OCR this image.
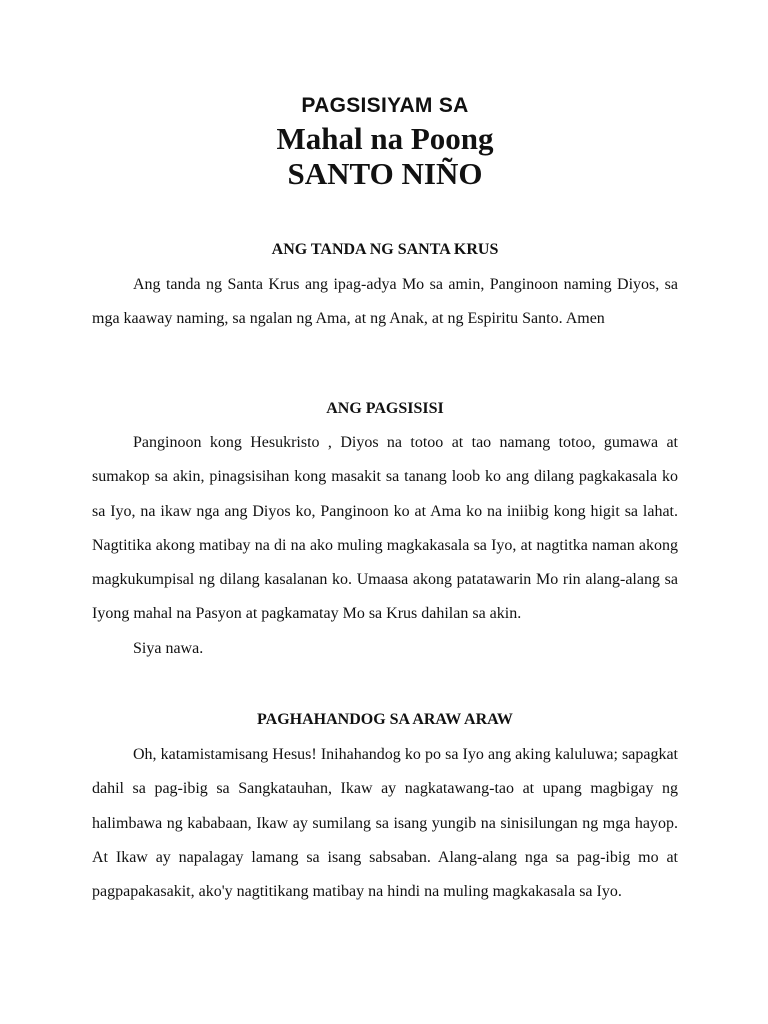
PAGSISIYAM SA
Mahal na Poong
SANTO NIÑO
ANG TANDA NG SANTA KRUS

Ang tanda ng Santa Krus ang ipag-adya Mo sa amin, Panginoon naming Diyos, sa mga kaaway naming, sa ngalan ng Ama, at ng Anak, at ng Espiritu Santo. Amen

ANG PAGSISISI

Panginoon kong Hesukristo , Diyos na totoo at tao namang totoo, gumawa at sumakop sa akin, pinagsisihan kong masakit sa tanang loob ko ang dilang pagkakasala ko sa Iyo, na ikaw nga ang Diyos ko, Panginoon ko at Ama ko na iniibig kong higit sa lahat. Nagtitika akong matibay na di na ako muling magkakasala sa Iyo, at nagtitka naman akong magkukumpisal ng dilang kasalanan ko. Umaasa akong patatawarin Mo rin alang-alang sa Iyong mahal na Pasyon at pagkamatay Mo sa Krus dahilan sa akin.

Siya nawa.

PAGHAHANDOG SA ARAW ARAW

Oh, katamistamisang Hesus! Inihahandog ko po sa Iyo ang aking kaluluwa; sapagkat dahil sa pag-ibig sa Sangkatauhan, Ikaw ay nagkatawang-tao at upang magbigay ng halimbawa ng kababaan, Ikaw ay sumilang sa isang yungib na sinisilungan ng mga hayop. At Ikaw ay napalagay lamang sa isang sabsaban. Alang-alang nga sa pag-ibig mo at pagpapakasakit, ako'y nagtitikang matibay na hindi na muling magkakasala sa Iyo.
